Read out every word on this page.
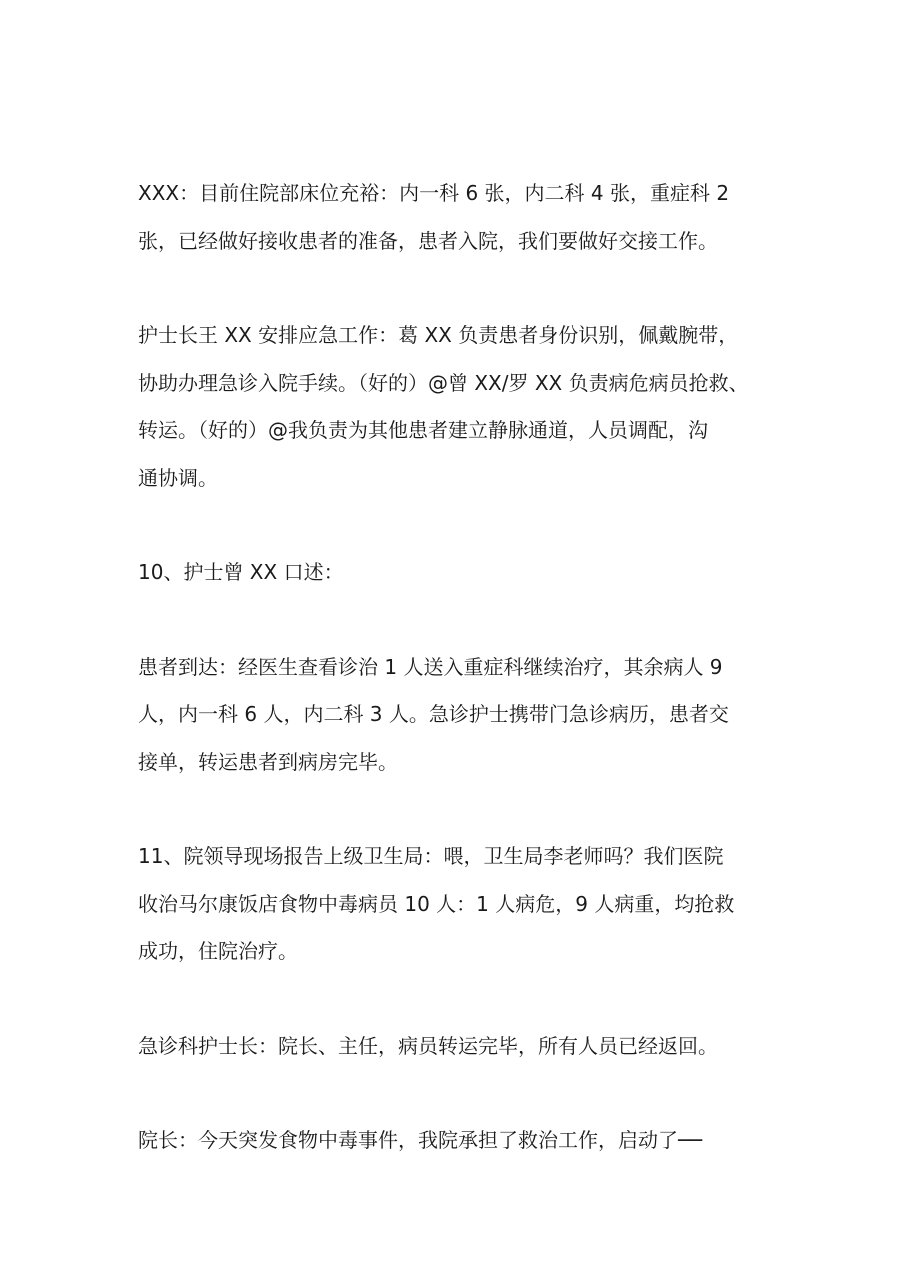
XXX：目前住院部床位充裕：内一科 6 张，内二科 4 张，重症科 2
张，已经做好接收患者的准备，患者入院，我们要做好交接工作。

护士长王 XX 安排应急工作：葛 XX 负责患者身份识别，佩戴腕带，
协助办理急诊入院手续。（好的）@曾 XX/罗 XX 负责病危病员抢救、
转运。（好的）@我负责为其他患者建立静脉通道，人员调配，沟
通协调。

10、护士曾 XX 口述：

患者到达：经医生查看诊治 1 人送入重症科继续治疗，其余病人 9
人，内一科 6 人，内二科 3 人。急诊护士携带门急诊病历，患者交
接单，转运患者到病房完毕。

11、院领导现场报告上级卫生局：喂，卫生局李老师吗？我们医院
收治马尔康饭店食物中毒病员 10 人：1 人病危，9 人病重，均抢救
成功，住院治疗。

急诊科护士长：院长、主任，病员转运完毕，所有人员已经返回。

院长：今天突发食物中毒事件，我院承担了救治工作，启动了──
